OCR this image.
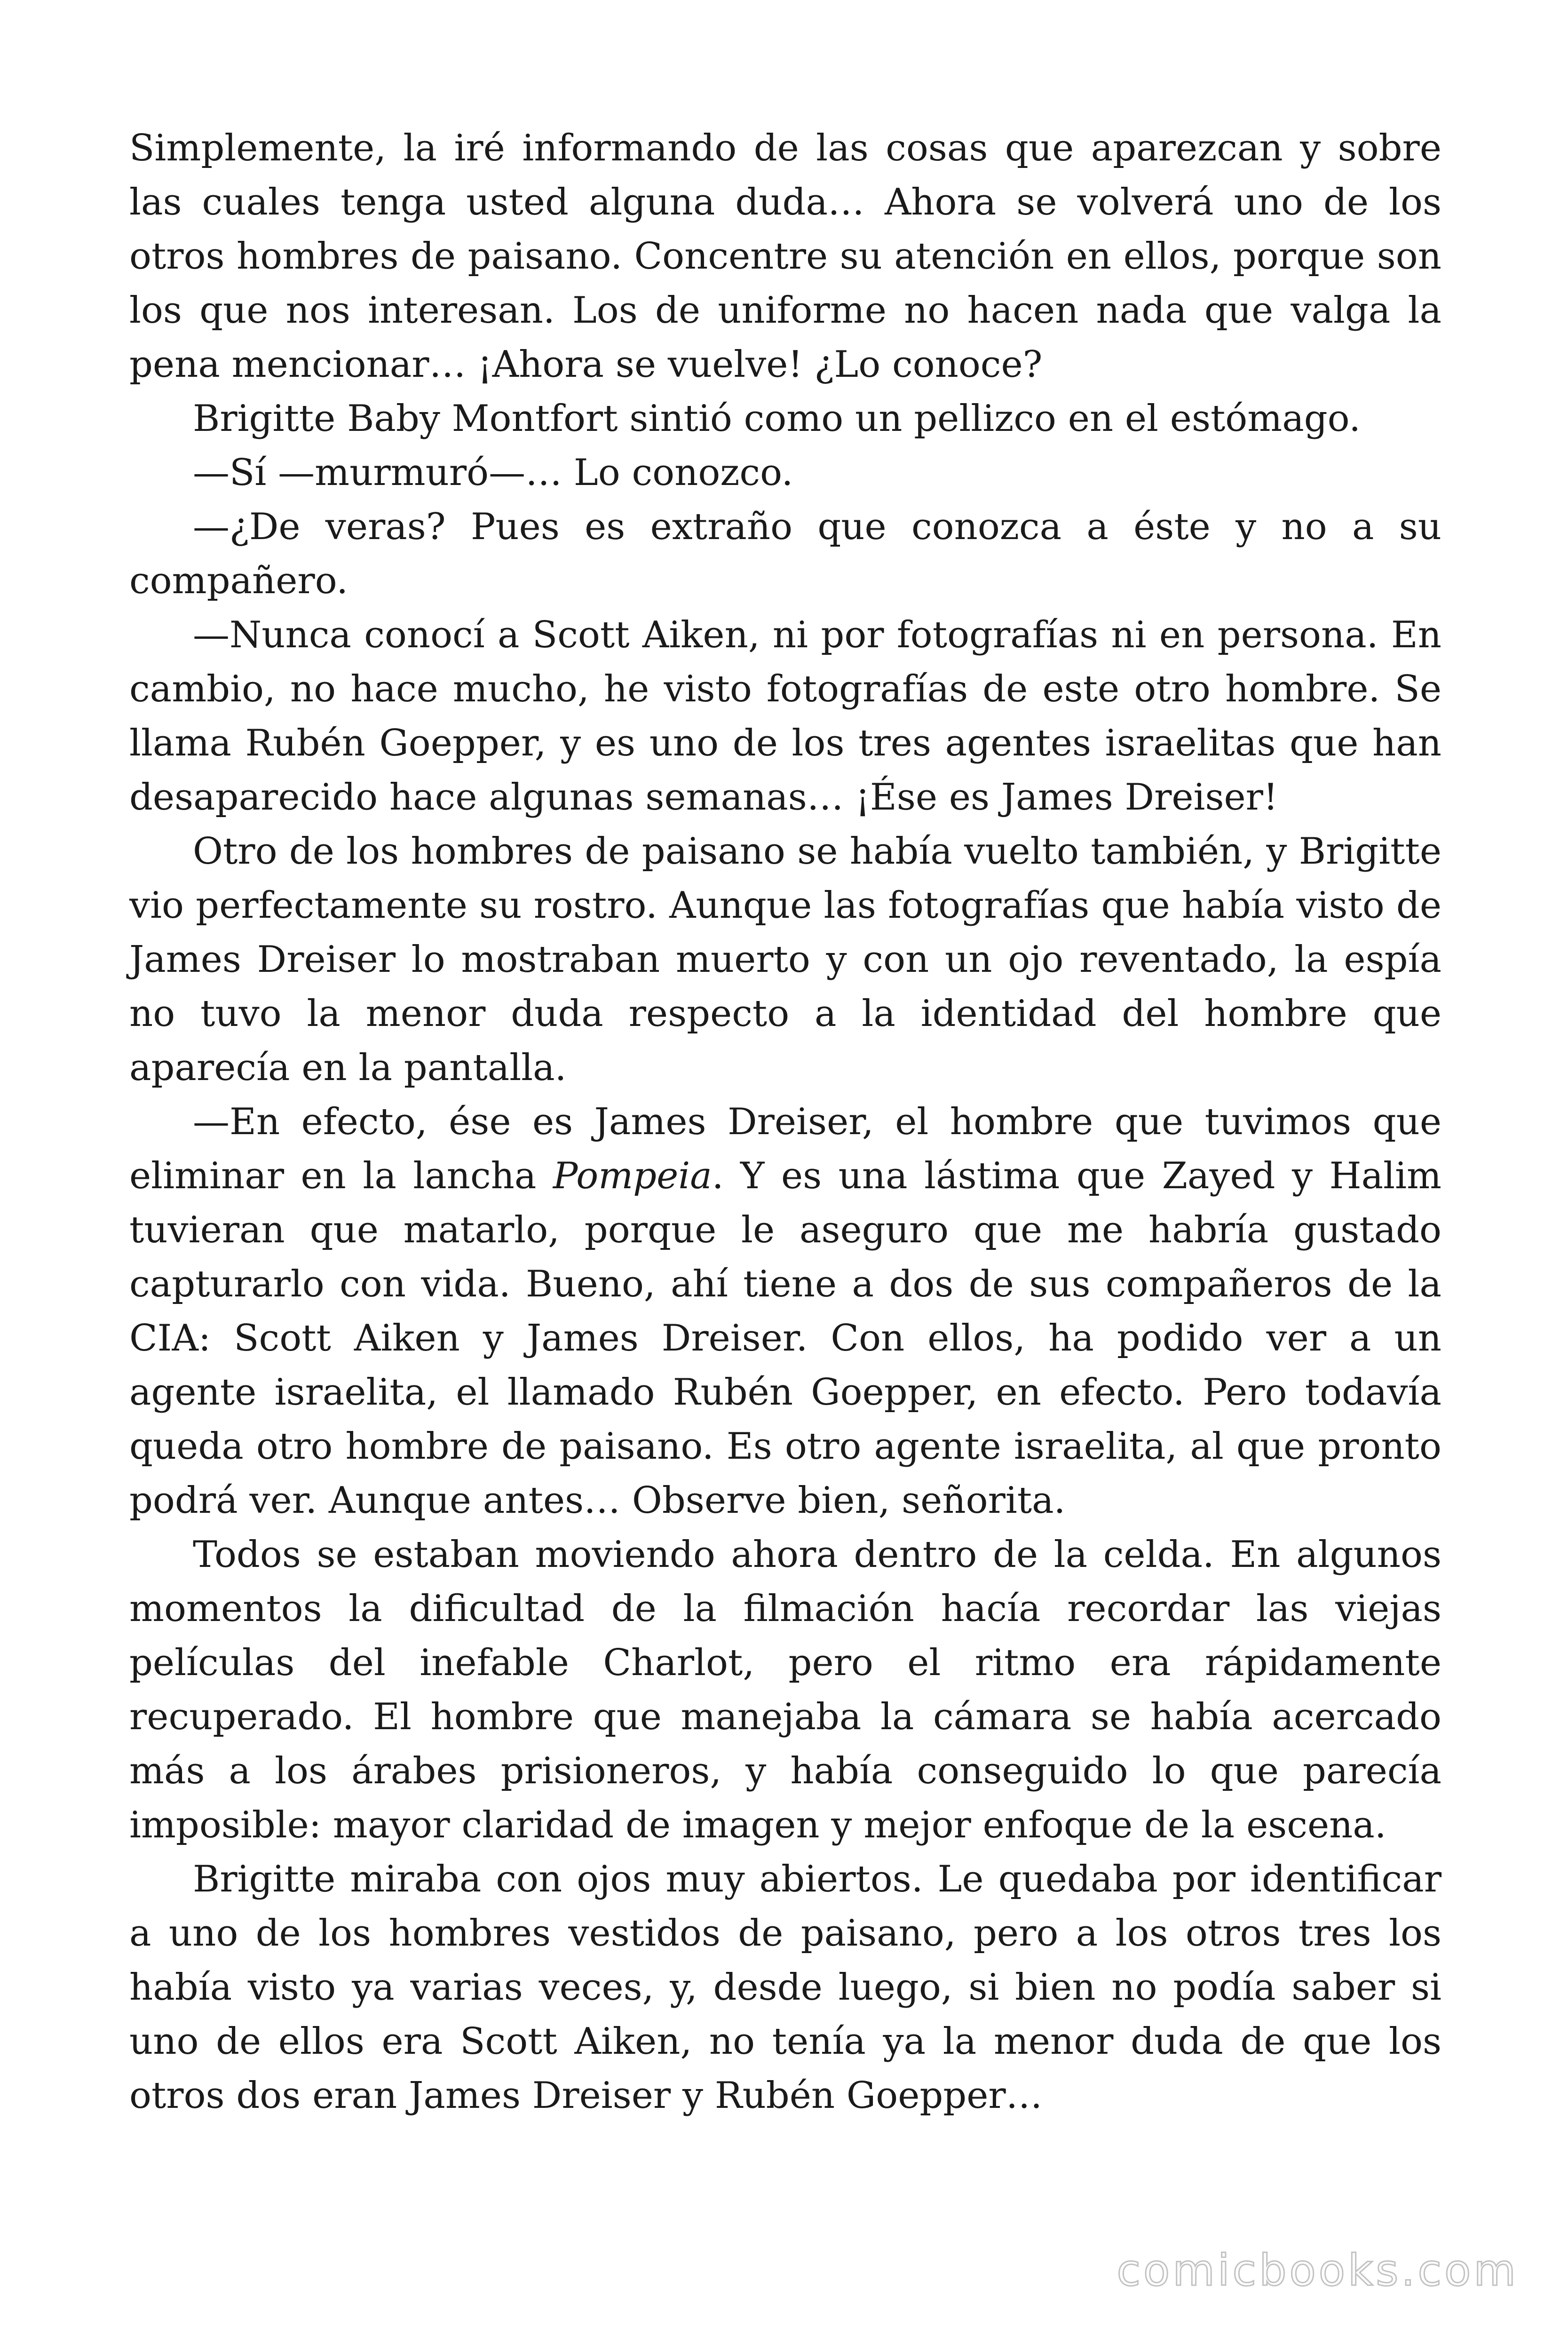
Simplemente, la iré informando de las cosas que aparezcan y sobre las cuales tenga usted alguna duda… Ahora se volverá uno de los otros hombres de paisano. Concentre su atención en ellos, porque son los que nos interesan. Los de uniforme no hacen nada que valga la pena mencionar… ¡Ahora se vuelve! ¿Lo conoce?

Brigitte Baby Montfort sintió como un pellizco en el estómago.

—Sí —murmuró—… Lo conozco.

—¿De veras? Pues es extraño que conozca a éste y no a su compañero.

—Nunca conocí a Scott Aiken, ni por fotografías ni en persona. En cambio, no hace mucho, he visto fotografías de este otro hombre. Se llama Rubén Goepper, y es uno de los tres agentes israelitas que han desaparecido hace algunas semanas… ¡Ése es James Dreiser!

Otro de los hombres de paisano se había vuelto también, y Brigitte vio perfectamente su rostro. Aunque las fotografías que había visto de James Dreiser lo mostraban muerto y con un ojo reventado, la espía no tuvo la menor duda respecto a la identidad del hombre que aparecía en la pantalla.

—En efecto, ése es James Dreiser, el hombre que tuvimos que eliminar en la lancha Pompeia. Y es una lástima que Zayed y Halim tuvieran que matarlo, porque le aseguro que me habría gustado capturarlo con vida. Bueno, ahí tiene a dos de sus compañeros de la CIA: Scott Aiken y James Dreiser. Con ellos, ha podido ver a un agente israelita, el llamado Rubén Goepper, en efecto. Pero todavía queda otro hombre de paisano. Es otro agente israelita, al que pronto podrá ver. Aunque antes… Observe bien, señorita.

Todos se estaban moviendo ahora dentro de la celda. En algunos momentos la dificultad de la filmación hacía recordar las viejas películas del inefable Charlot, pero el ritmo era rápidamente recuperado. El hombre que manejaba la cámara se había acercado más a los árabes prisioneros, y había conseguido lo que parecía imposible: mayor claridad de imagen y mejor enfoque de la escena.

Brigitte miraba con ojos muy abiertos. Le quedaba por identificar a uno de los hombres vestidos de paisano, pero a los otros tres los había visto ya varias veces, y, desde luego, si bien no podía saber si uno de ellos era Scott Aiken, no tenía ya la menor duda de que los otros dos eran James Dreiser y Rubén Goepper…

comicbooks.com
